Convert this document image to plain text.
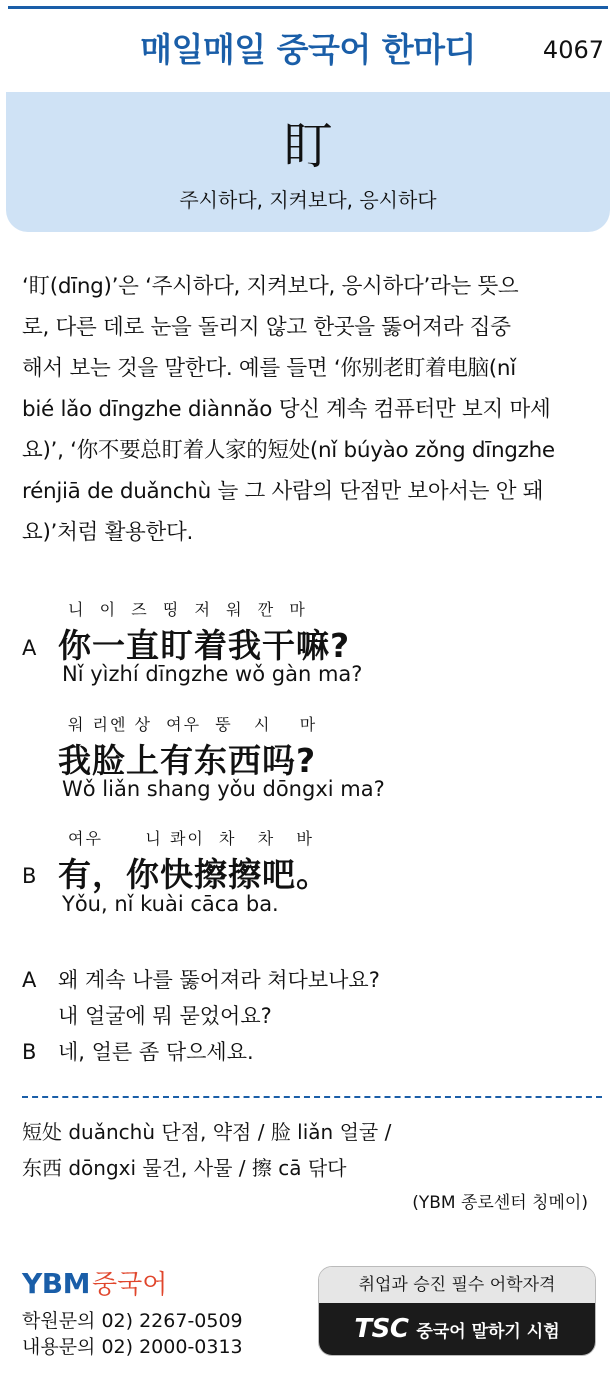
매일매일 중국어 한마디	4067
盯
주시하다, 지켜보다, 응시하다
‘盯(dīng)’은 ‘주시하다, 지켜보다, 응시하다’라는 뜻으
로, 다른 데로 눈을 돌리지 않고 한곳을 뚫어져라 집중
해서 보는 것을 말한다. 예를 들면 ‘你别老盯着电脑(nǐ
bié lǎo dīngzhe diànnǎo 당신 계속 컴퓨터만 보지 마세
요)’, ‘你不要总盯着人家的短处(nǐ búyào zǒng dīngzhe
rénjiā de duǎnchù 늘 그 사람의 단점만 보아서는 안 돼
요)’처럼 활용한다.
니  이  즈  띵  저  워  깐  마
A 你一直盯着我干嘛?
Nǐ yìzhí dīngzhe wǒ gàn ma?
워 리엔 상  여우  뚱   시    마
我脸上有东西吗?
Wǒ liǎn shang yǒu dōngxi ma?
여우      니 콰이  차   차   바
B 有，你快擦擦吧。
Yǒu, nǐ kuài cāca ba.
A	왜 계속 나를 뚫어져라 쳐다보나요?
내 얼굴에 뭐 묻었어요?
B	네, 얼른 좀 닦으세요.
短处 duǎnchù 단점, 약점 / 脸 liǎn 얼굴 /
东西 dōngxi 물건, 사물 / 擦 cā 닦다
(YBM 종로센터 칭메이)
YBM중국어
학원문의 02) 2267-0509
내용문의 02) 2000-0313
취업과 승진 필수 어학자격
TSC 중국어 말하기 시험
